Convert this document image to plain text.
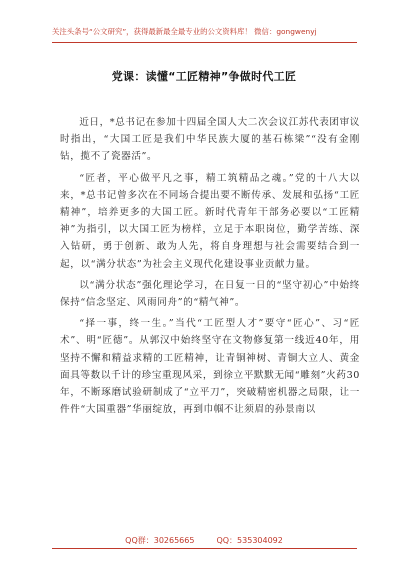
关注头条号“公文研究”，获得最新最全最专业的公文资料库！ 微信：gongwenyj
党课：读懂“工匠精神”争做时代工匠

近日，*总书记在参加十四届全国人大二次会议江苏代表团审议时指出，“大国工匠是我们中华民族大厦的基石栋梁”“没有金刚钻，揽不了瓷器活”。

“匠者，平心做平凡之事，精工筑精品之魂。”党的十八大以来，*总书记曾多次在不同场合提出要不断传承、发展和弘扬“工匠精神”，培养更多的大国工匠。新时代青年干部务必要以“工匠精神”为指引，以大国工匠为榜样，立足于本职岗位，勤学苦练、深入钻研，勇于创新、敢为人先，将自身理想与社会需要结合到一起，以“满分状态”为社会主义现代化建设事业贡献力量。

以“满分状态”强化理论学习，在日复一日的“坚守初心”中始终保持“信念坚定、风雨同舟”的“精气神”。

“择一事，终一生。”当代“工匠型人才”要守“匠心”、习“匠术”、明“匠德”。从郭汉中始终坚守在文物修复第一线近40年，用坚持不懈和精益求精的工匠精神，让青铜神树、青铜大立人、黄金面具等数以千计的珍宝重现风采，到徐立平默默无闻“雕刻”火药30年，不断琢磨试验研制成了“立平刀”，突破精密机器之局限，让一件件“大国重器”华丽绽放，再到巾帼不让须眉的孙景南以

QQ群：30265665	QQ：535304092
